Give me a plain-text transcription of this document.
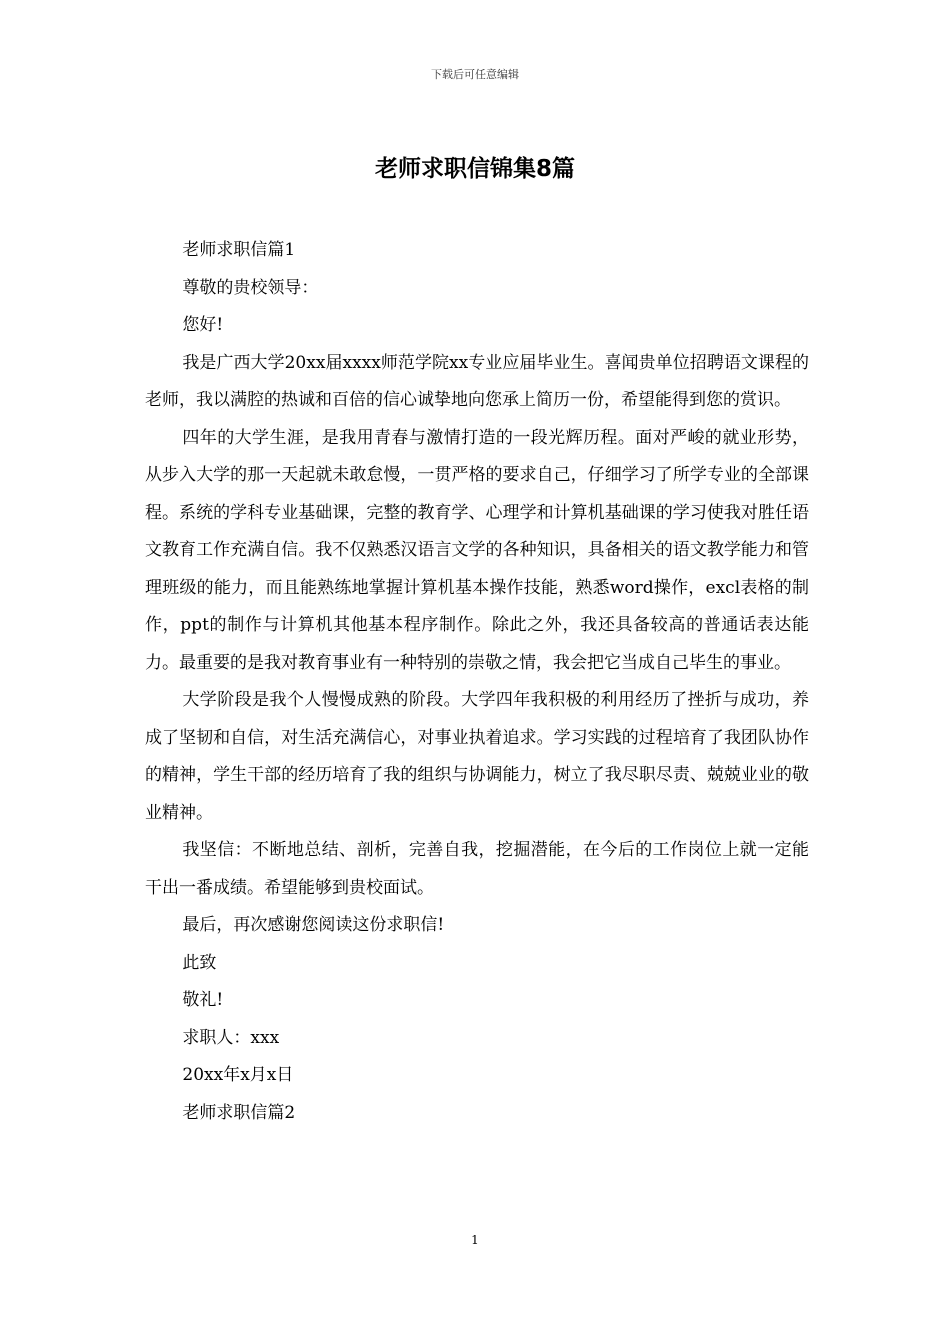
下载后可任意编辑
老师求职信锦集8篇

老师求职信篇1

尊敬的贵校领导：

您好!

我是广西大学20xx届xxxx师范学院xx专业应届毕业生。喜闻贵单位招聘语文课程的老师，我以满腔的热诚和百倍的信心诚挚地向您承上简历一份，希望能得到您的赏识。

四年的大学生涯，是我用青春与激情打造的一段光辉历程。面对严峻的就业形势，从步入大学的那一天起就未敢怠慢，一贯严格的要求自己，仔细学习了所学专业的全部课程。系统的学科专业基础课，完整的教育学、心理学和计算机基础课的学习使我对胜任语文教育工作充满自信。我不仅熟悉汉语言文学的各种知识，具备相关的语文教学能力和管理班级的能力，而且能熟练地掌握计算机基本操作技能，熟悉word操作，excl表格的制作，ppt的制作与计算机其他基本程序制作。除此之外，我还具备较高的普通话表达能力。最重要的是我对教育事业有一种特别的崇敬之情，我会把它当成自己毕生的事业。

大学阶段是我个人慢慢成熟的阶段。大学四年我积极的利用经历了挫折与成功，养成了坚韧和自信，对生活充满信心，对事业执着追求。学习实践的过程培育了我团队协作的精神，学生干部的经历培育了我的组织与协调能力，树立了我尽职尽责、兢兢业业的敬业精神。

我坚信：不断地总结、剖析，完善自我，挖掘潜能，在今后的工作岗位上就一定能干出一番成绩。希望能够到贵校面试。

最后，再次感谢您阅读这份求职信!

此致

敬礼!

求职人：xxx

20xx年x月x日

老师求职信篇2

1
